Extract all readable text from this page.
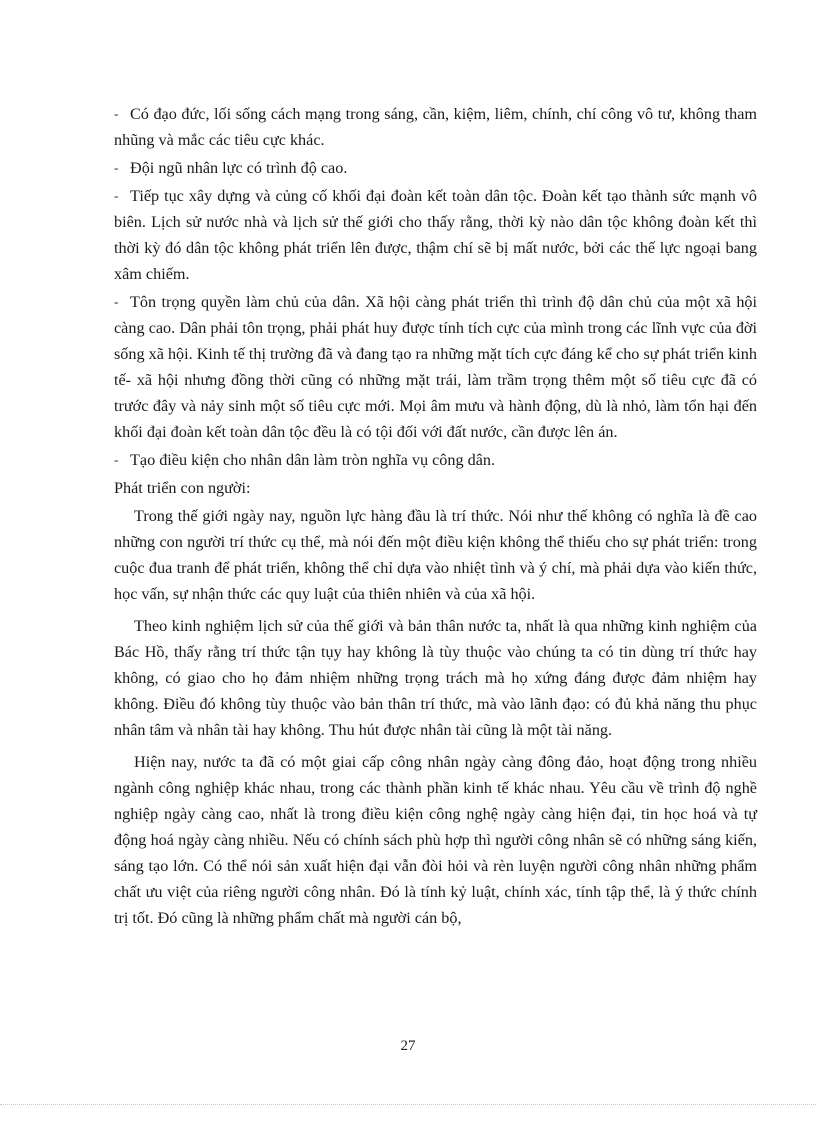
- Có đạo đức, lối sống cách mạng trong sáng, cần, kiệm, liêm, chính, chí công vô tư, không tham nhũng và mắc các tiêu cực khác.

- Đội ngũ nhân lực có trình độ cao.

- Tiếp tục xây dựng và củng cố khối đại đoàn kết toàn dân tộc. Đoàn kết tạo thành sức mạnh vô biên. Lịch sử nước nhà và lịch sử thế giới cho thấy rằng, thời kỳ nào dân tộc không đoàn kết thì thời kỳ đó dân tộc không phát triển lên được, thậm chí sẽ bị mất nước, bởi các thế lực ngoại bang xâm chiếm.

- Tôn trọng quyền làm chủ của dân. Xã hội càng phát triển thì trình độ dân chủ của một xã hội càng cao. Dân phải tôn trọng, phải phát huy được tính tích cực của mình trong các lĩnh vực của đời sống xã hội. Kinh tế thị trường đã và đang tạo ra những mặt tích cực đáng kể cho sự phát triển kinh tế- xã hội nhưng đồng thời cũng có những mặt trái, làm trầm trọng thêm một số tiêu cực đã có trước đây và nảy sinh một số tiêu cực mới. Mọi âm mưu và hành động, dù là nhỏ, làm tổn hại đến khối đại đoàn kết toàn dân tộc đều là có tội đối với đất nước, cần được lên án.

- Tạo điều kiện cho nhân dân làm tròn nghĩa vụ công dân.

Phát triển con người:

Trong thế giới ngày nay, nguồn lực hàng đầu là trí thức. Nói như thế không có nghĩa là đề cao những con người trí thức cụ thể, mà nói đến một điều kiện không thể thiếu cho sự phát triển: trong cuộc đua tranh để phát triển, không thể chỉ dựa vào nhiệt tình và ý chí, mà phải dựa vào kiến thức, học vấn, sự nhận thức các quy luật của thiên nhiên và của xã hội.

Theo kinh nghiệm lịch sử của thế giới và bản thân nước ta, nhất là qua những kinh nghiệm của Bác Hồ, thấy rằng trí thức tận tụy hay không là tùy thuộc vào chúng ta có tin dùng trí thức hay không, có giao cho họ đảm nhiệm những trọng trách mà họ xứng đáng được đảm nhiệm hay không. Điều đó không tùy thuộc vào bản thân trí thức, mà vào lãnh đạo: có đủ khả năng thu phục nhân tâm và nhân tài hay không. Thu hút được nhân tài cũng là một tài năng.

Hiện nay, nước ta đã có một giai cấp công nhân ngày càng đông đảo, hoạt động trong nhiều ngành công nghiệp khác nhau, trong các thành phần kinh tế khác nhau. Yêu cầu về trình độ nghề nghiệp ngày càng cao, nhất là trong điều kiện công nghệ ngày càng hiện đại, tin học hoá và tự động hoá ngày càng nhiều. Nếu có chính sách phù hợp thì người công nhân sẽ có những sáng kiến, sáng tạo lớn. Có thể nói sản xuất hiện đại vẫn đòi hỏi và rèn luyện người công nhân những phẩm chất ưu việt của riêng người công nhân. Đó là tính kỷ luật, chính xác, tính tập thể, là ý thức chính trị tốt. Đó cũng là những phẩm chất mà người cán bộ,

27
